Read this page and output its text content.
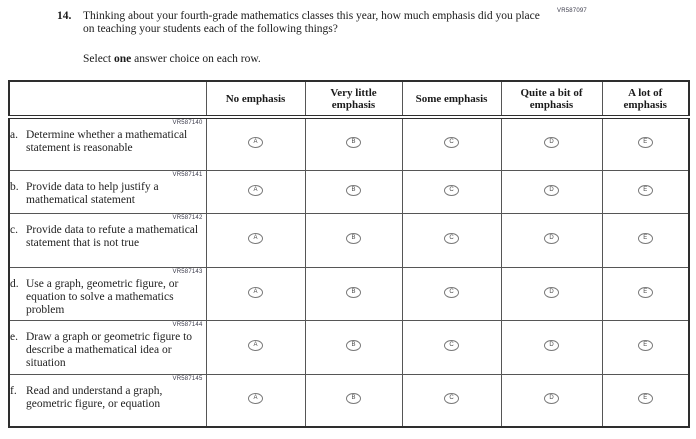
VR587097
14.	Thinking about your fourth-grade mathematics classes this year, how much emphasis did you place on teaching your students each of the following things?
Select one answer choice on each row.
	No emphasis	Very little emphasis	Some emphasis	Quite a bit of emphasis	A lot of emphasis

VR587140
a. Determine whether a mathematical statement is reasonable	A	B	C	D	E

VR587141
b. Provide data to help justify a mathematical statement	A	B	C	D	E

VR587142
c. Provide data to refute a mathematical statement that is not true	A	B	C	D	E

VR587143
d. Use a graph, geometric figure, or equation to solve a mathematics problem	A	B	C	D	E

VR587144
e. Draw a graph or geometric figure to describe a mathematical idea or situation	A	B	C	D	E

VR587145
f. Read and understand a graph, geometric figure, or equation	A	B	C	D	E
